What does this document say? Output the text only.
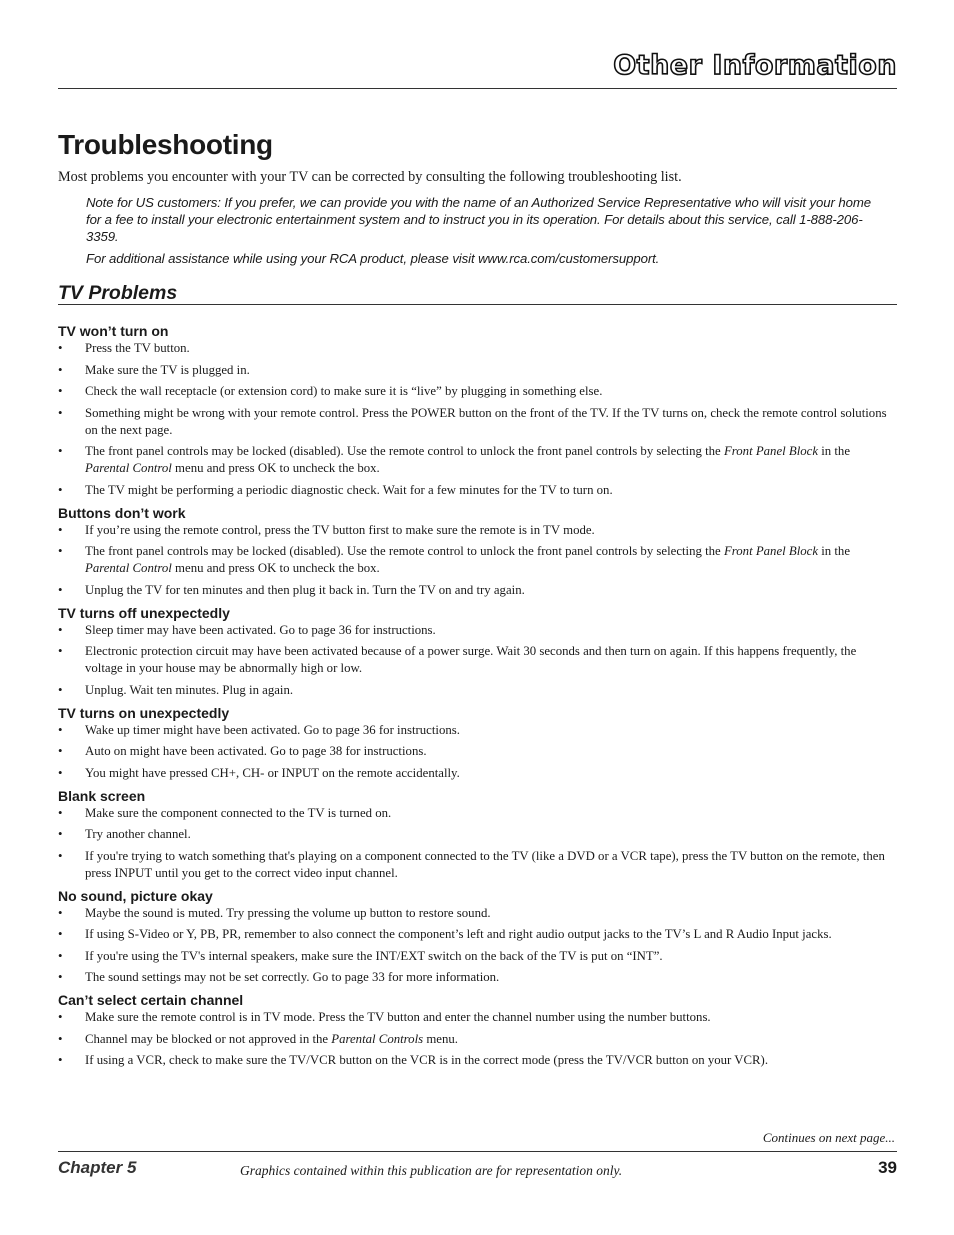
Other Information
Troubleshooting

Most problems you encounter with your TV can be corrected by consulting the following troubleshooting list.

Note for US customers: If you prefer, we can provide you with the name of an Authorized Service Representative who will visit your home for a fee to install your electronic entertainment system and to instruct you in its operation. For details about this service, call 1-888-206-3359.

For additional assistance while using your RCA product, please visit www.rca.com/customersupport.

TV Problems
TV won’t turn on
• Press the TV button.
• Make sure the TV is plugged in.
• Check the wall receptacle (or extension cord) to make sure it is “live” by plugging in something else.
• Something might be wrong with your remote control. Press the POWER button on the front of the TV. If the TV turns on, check the remote control solutions on the next page.
• The front panel controls may be locked (disabled). Use the remote control to unlock the front panel controls by selecting the Front Panel Block in the Parental Control menu and press OK to uncheck the box.
• The TV might be performing a periodic diagnostic check. Wait for a few minutes for the TV to turn on.
Buttons don’t work
• If you’re using the remote control, press the TV button first to make sure the remote is in TV mode.
• The front panel controls may be locked (disabled). Use the remote control to unlock the front panel controls by selecting the Front Panel Block in the Parental Control menu and press OK to uncheck the box.
• Unplug the TV for ten minutes and then plug it back in. Turn the TV on and try again.
TV turns off unexpectedly
• Sleep timer may have been activated. Go to page 36 for instructions.
• Electronic protection circuit may have been activated because of a power surge. Wait 30 seconds and then turn on again. If this happens frequently, the voltage in your house may be abnormally high or low.
• Unplug. Wait ten minutes. Plug in again.
TV turns on unexpectedly
• Wake up timer might have been activated. Go to page 36 for instructions.
• Auto on might have been activated. Go to page 38 for instructions.
• You might have pressed CH+, CH- or INPUT on the remote accidentally.
Blank screen
• Make sure the component connected to the TV is turned on.
• Try another channel.
• If you're trying to watch something that's playing on a component connected to the TV (like a DVD or a VCR tape), press the TV button on the remote, then press INPUT until you get to the correct video input channel.
No sound, picture okay
• Maybe the sound is muted. Try pressing the volume up button to restore sound.
• If using S-Video or Y, PB, PR, remember to also connect the component’s left and right audio output jacks to the TV’s L and R Audio Input jacks.
• If you're using the TV's internal speakers, make sure the INT/EXT switch on the back of the TV is put on “INT”.
• The sound settings may not be set correctly. Go to page 33 for more information.
Can’t select certain channel
• Make sure the remote control is in TV mode. Press the TV button and enter the channel number using the number buttons.
• Channel may be blocked or not approved in the Parental Controls menu.
• If using a VCR, check to make sure the TV/VCR button on the VCR is in the correct mode (press the TV/VCR button on your VCR).
Continues on next page...
Chapter 5	Graphics contained within this publication are for representation only.	39
